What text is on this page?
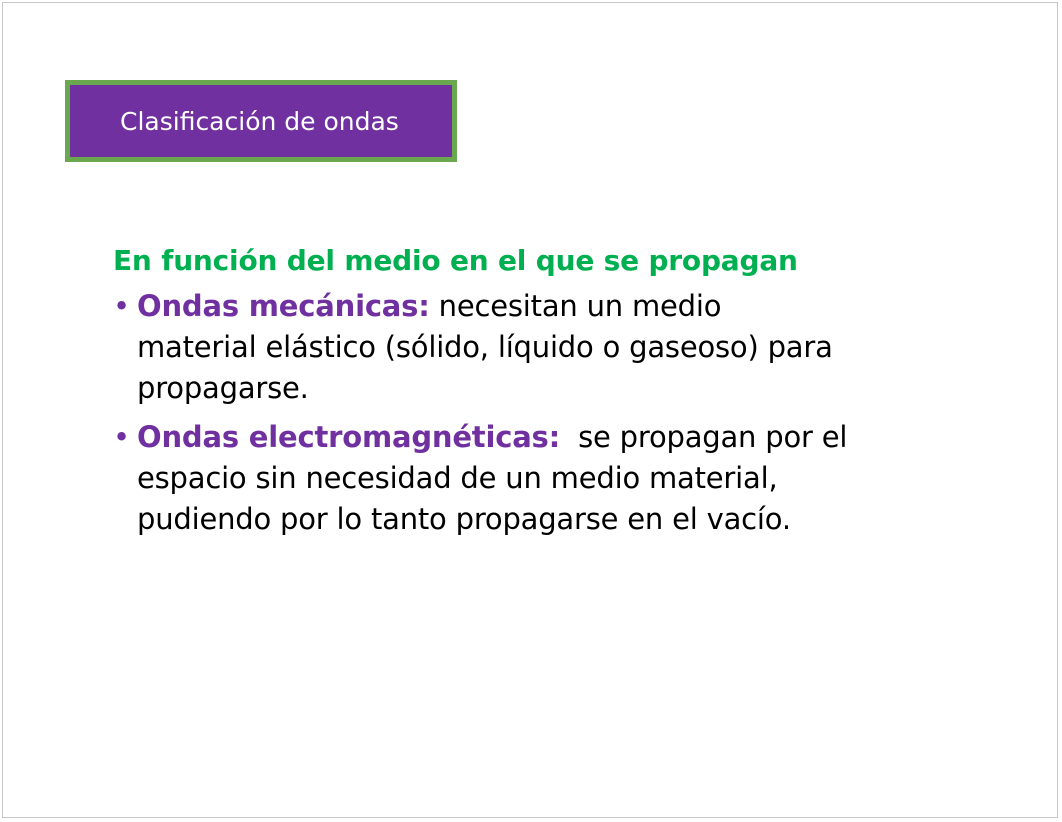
Clasificación de ondas
En función del medio en el que se propagan
• Ondas mecánicas: necesitan un medio
material elástico (sólido, líquido o gaseoso) para
propagarse.
• Ondas electromagnéticas: se propagan por el
espacio sin necesidad de un medio material,
pudiendo por lo tanto propagarse en el vacío.
